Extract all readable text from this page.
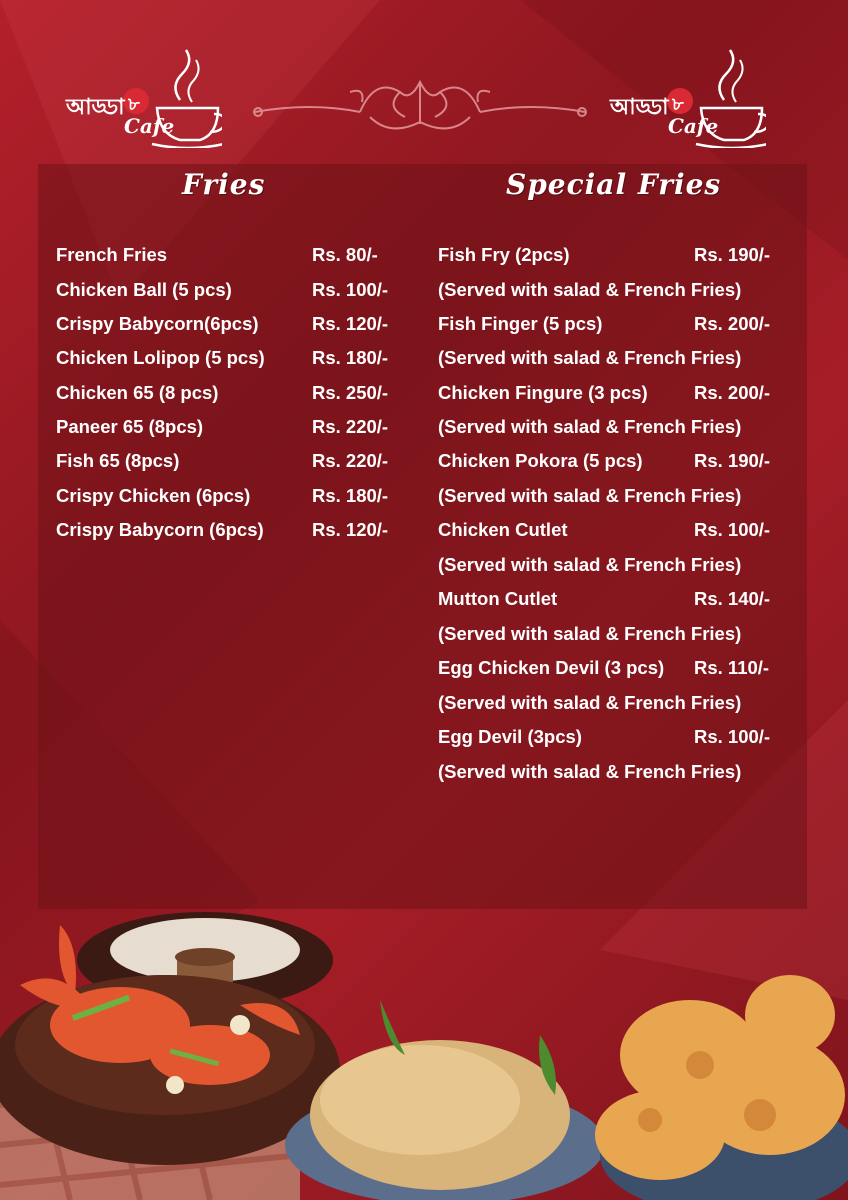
আড্ডা ৮
Cafe
আড্ডা ৮
Cafe
Fries	Special Fries
French Fries	Rs. 80/-
Chicken Ball (5 pcs)	Rs. 100/-
Crispy Babycorn(6pcs)	Rs. 120/-
Chicken Lolipop (5 pcs)	Rs. 180/-
Chicken 65 (8 pcs)	Rs. 250/-
Paneer 65 (8pcs)	Rs. 220/-
Fish 65 (8pcs)	Rs. 220/-
Crispy Chicken (6pcs)	Rs. 180/-
Crispy Babycorn (6pcs)	Rs. 120/-
Fish Fry (2pcs)	Rs. 190/-
(Served with salad & French Fries)
Fish Finger (5 pcs)	Rs. 200/-
(Served with salad & French Fries)
Chicken Fingure (3 pcs)	Rs. 200/-
(Served with salad & French Fries)
Chicken Pokora (5 pcs)	Rs. 190/-
(Served with salad & French Fries)
Chicken Cutlet	Rs. 100/-
(Served with salad & French Fries)
Mutton Cutlet	Rs. 140/-
(Served with salad & French Fries)
Egg Chicken Devil (3 pcs) Rs. 110/-
(Served with salad & French Fries)
Egg Devil (3pcs)	Rs. 100/-
(Served with salad & French Fries)
